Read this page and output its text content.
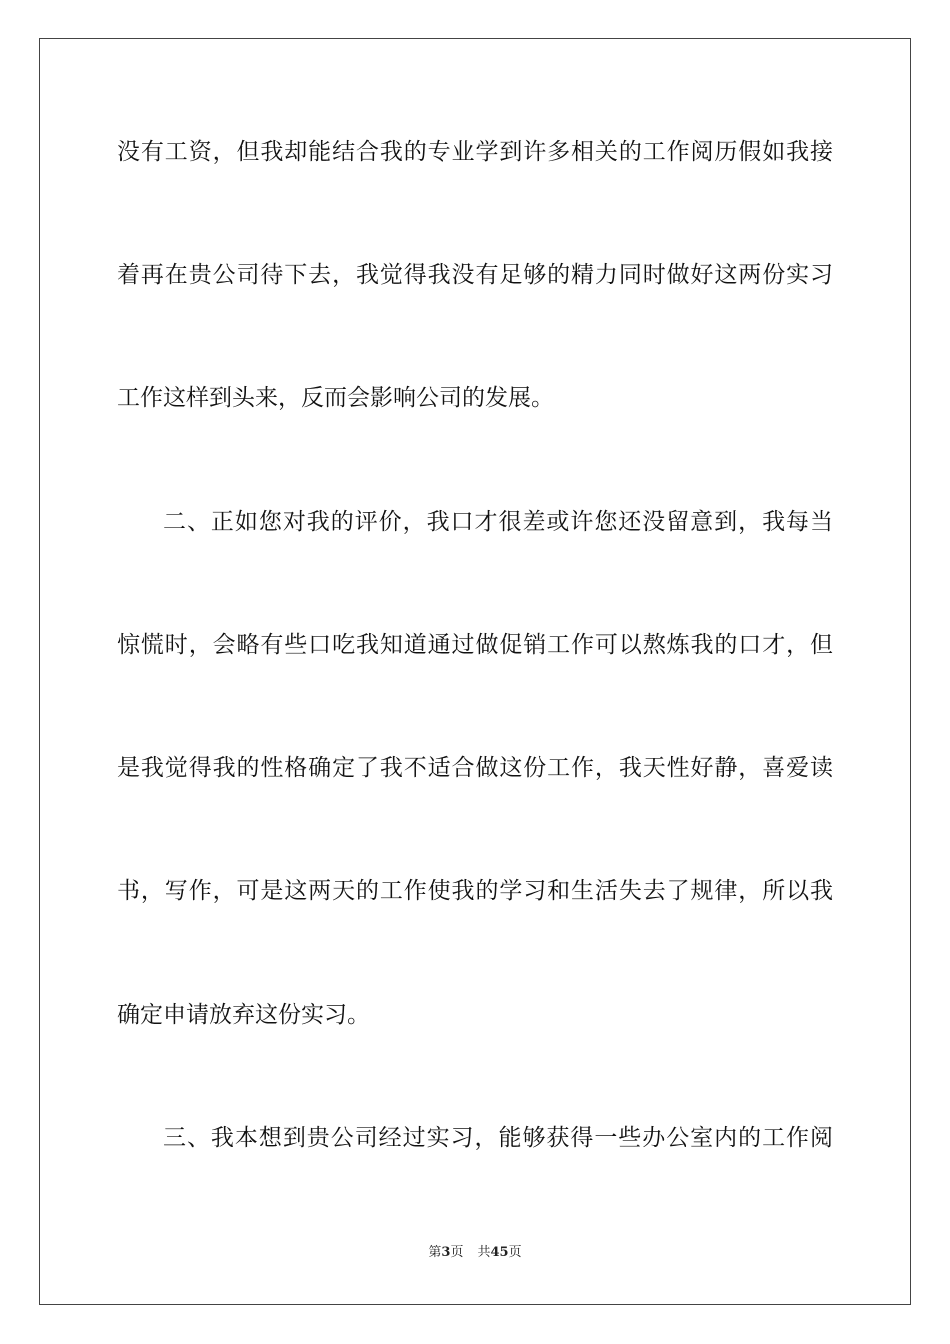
没有工资，但我却能结合我的专业学到许多相关的工作阅历假如我接
着再在贵公司待下去，我觉得我没有足够的精力同时做好这两份实习
工作这样到头来，反而会影响公司的发展。
二、正如您对我的评价，我口才很差或许您还没留意到，我每当
惊慌时，会略有些口吃我知道通过做促销工作可以熬炼我的口才，但
是我觉得我的性格确定了我不适合做这份工作，我天性好静，喜爱读
书，写作，可是这两天的工作使我的学习和生活失去了规律，所以我
确定申请放弃这份实习。
三、我本想到贵公司经过实习，能够获得一些办公室内的工作阅
第3页 共45页
